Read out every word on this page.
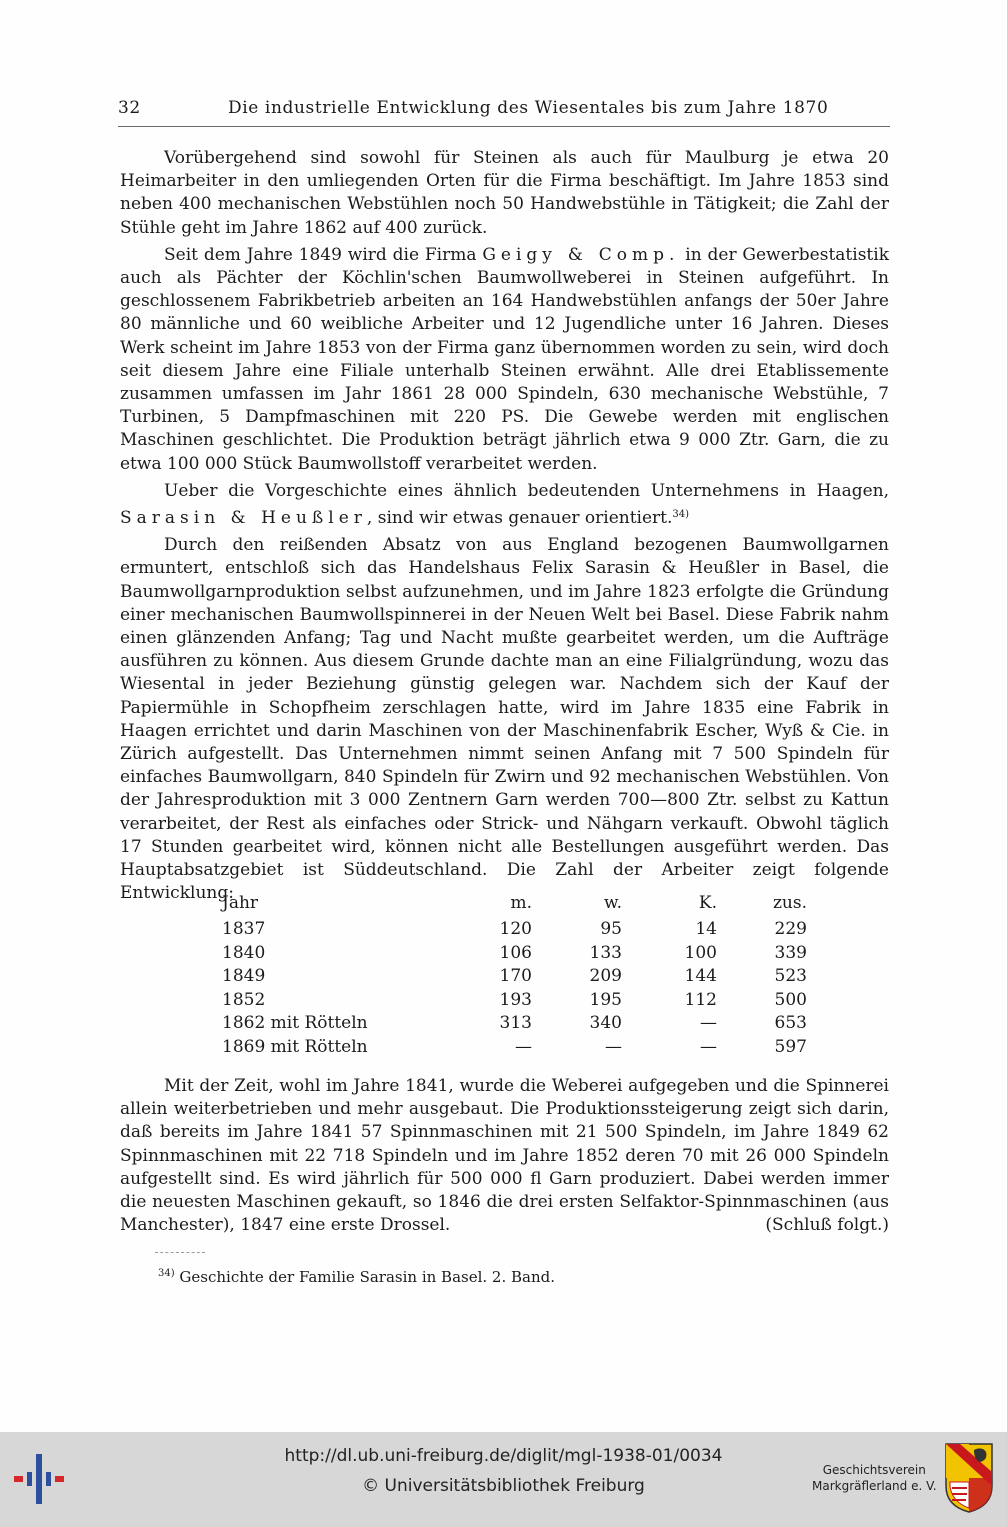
32	Die industrielle Entwicklung des Wiesentales bis zum Jahre 1870

Vorübergehend sind sowohl für Steinen als auch für Maulburg je etwa 20 Heimarbeiter in den umliegenden Orten für die Firma beschäftigt. Im Jahre 1853 sind neben 400 mechanischen Webstühlen noch 50 Handwebstühle in Tätigkeit; die Zahl der Stühle geht im Jahre 1862 auf 400 zurück.

Seit dem Jahre 1849 wird die Firma Geigy & Comp. in der Gewerbestatistik auch als Pächter der Köchlin'schen Baumwollweberei in Steinen aufgeführt. In geschlossenem Fabrikbetrieb arbeiten an 164 Handwebstühlen anfangs der 50er Jahre 80 männliche und 60 weibliche Arbeiter und 12 Jugendliche unter 16 Jahren. Dieses Werk scheint im Jahre 1853 von der Firma ganz übernommen worden zu sein, wird doch seit diesem Jahre eine Filiale unterhalb Steinen erwähnt. Alle drei Etablissemente zusammen umfassen im Jahr 1861 28 000 Spindeln, 630 mechanische Webstühle, 7 Turbinen, 5 Dampfmaschinen mit 220 PS. Die Gewebe werden mit englischen Maschinen geschlichtet. Die Produktion beträgt jährlich etwa 9 000 Ztr. Garn, die zu etwa 100 000 Stück Baumwollstoff verarbeitet werden.

Ueber die Vorgeschichte eines ähnlich bedeutenden Unternehmens in Haagen, Sarasin & Heußler, sind wir etwas genauer orientiert.$^{34)}$

Durch den reißenden Absatz von aus England bezogenen Baumwollgarnen ermuntert, entschloß sich das Handelshaus Felix Sarasin & Heußler in Basel, die Baumwollgarnproduktion selbst aufzunehmen, und im Jahre 1823 erfolgte die Gründung einer mechanischen Baumwollspinnerei in der Neuen Welt bei Basel. Diese Fabrik nahm einen glänzenden Anfang; Tag und Nacht mußte gearbeitet werden, um die Aufträge ausführen zu können. Aus diesem Grunde dachte man an eine Filialgründung, wozu das Wiesental in jeder Beziehung günstig gelegen war. Nachdem sich der Kauf der Papiermühle in Schopfheim zerschlagen hatte, wird im Jahre 1835 eine Fabrik in Haagen errichtet und darin Maschinen von der Maschinenfabrik Escher, Wyß & Cie. in Zürich aufgestellt. Das Unternehmen nimmt seinen Anfang mit 7 500 Spindeln für einfaches Baumwollgarn, 840 Spindeln für Zwirn und 92 mechanischen Webstühlen. Von der Jahresproduktion mit 3 000 Zentnern Garn werden 700—800 Ztr. selbst zu Kattun verarbeitet, der Rest als einfaches oder Strick- und Nähgarn verkauft. Obwohl täglich 17 Stunden gearbeitet wird, können nicht alle Bestellungen ausgeführt werden. Das Hauptabsatzgebiet ist Süddeutschland. Die Zahl der Arbeiter zeigt folgende Entwicklung:

Jahr	m.	w.	K.	zus.
1837	120	95	14	229
1840	106	133	100	339
1849	170	209	144	523
1852	193	195	112	500
1862 mit Rötteln	313	340	—	653
1869 mit Rötteln	—	—	—	597

Mit der Zeit, wohl im Jahre 1841, wurde die Weberei aufgegeben und die Spinnerei allein weiterbetrieben und mehr ausgebaut. Die Produktionssteigerung zeigt sich darin, daß bereits im Jahre 1841 57 Spinnmaschinen mit 21 500 Spindeln, im Jahre 1849 62 Spinnmaschinen mit 22 718 Spindeln und im Jahre 1852 deren 70 mit 26 000 Spindeln aufgestellt sind. Es wird jährlich für 500 000 fl Garn produziert. Dabei werden immer die neuesten Maschinen gekauft, so 1846 die drei ersten Selfaktor-Spinnmaschinen (aus Manchester), 1847 eine erste Drossel.	(Schluß folgt.)

$^{34)}$ Geschichte der Familie Sarasin in Basel. 2. Band.
http://dl.ub.uni-freiburg.de/diglit/mgl-1938-01/0034
© Universitätsbibliothek Freiburg
Geschichtsverein
Markgräflerland e. V.
